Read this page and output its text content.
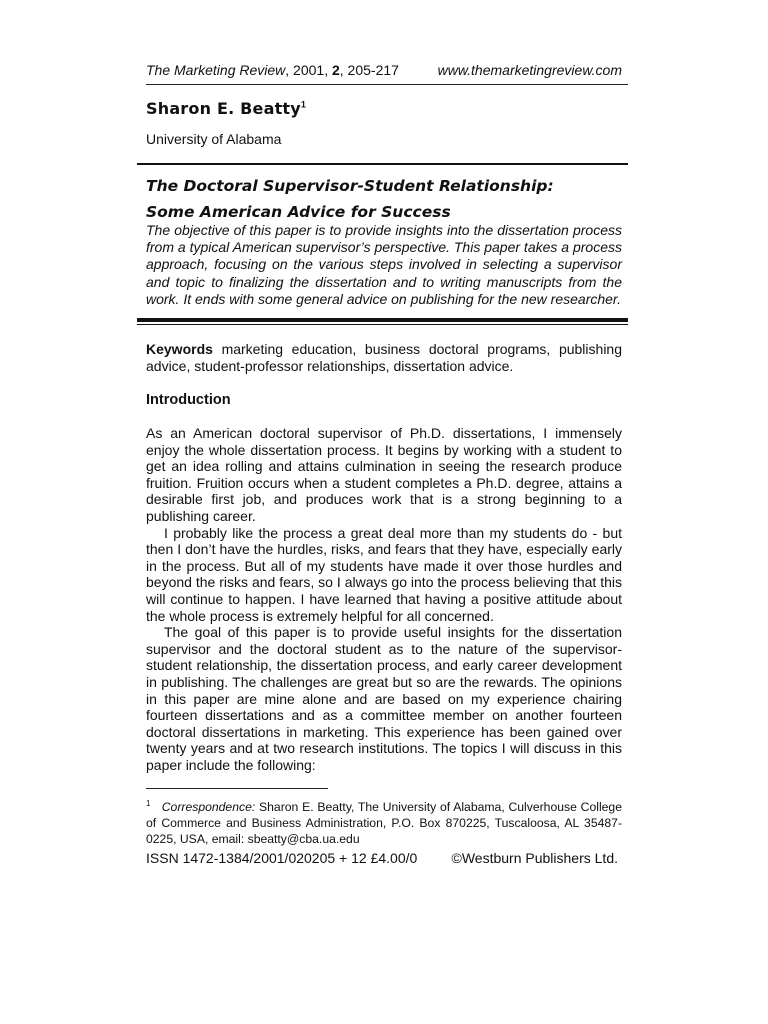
The Marketing Review, 2001, 2, 205-217	www.themarketingreview.com
Sharon E. Beatty$^1$
University of Alabama
The Doctoral Supervisor-Student Relationship:
Some American Advice for Success
The objective of this paper is to provide insights into the dissertation process from a typical American supervisor’s perspective. This paper takes a process approach, focusing on the various steps involved in selecting a supervisor and topic to finalizing the dissertation and to writing manuscripts from the work. It ends with some general advice on publishing for the new researcher.
Keywords marketing education, business doctoral programs, publishing advice, student-professor relationships, dissertation advice.
Introduction

As an American doctoral supervisor of Ph.D. dissertations, I immensely enjoy the whole dissertation process. It begins by working with a student to get an idea rolling and attains culmination in seeing the research produce fruition. Fruition occurs when a student completes a Ph.D. degree, attains a desirable first job, and produces work that is a strong beginning to a publishing career.

I probably like the process a great deal more than my students do - but then I don’t have the hurdles, risks, and fears that they have, especially early in the process. But all of my students have made it over those hurdles and beyond the risks and fears, so I always go into the process believing that this will continue to happen. I have learned that having a positive attitude about the whole process is extremely helpful for all concerned.

The goal of this paper is to provide useful insights for the dissertation supervisor and the doctoral student as to the nature of the supervisor-student relationship, the dissertation process, and early career development in publishing. The challenges are great but so are the rewards. The opinions in this paper are mine alone and are based on my experience chairing fourteen dissertations and as a committee member on another fourteen doctoral dissertations in marketing. This experience has been gained over twenty years and at two research institutions. The topics I will discuss in this paper include the following:

$^1$ Correspondence: Sharon E. Beatty, The University of Alabama, Culverhouse College of Commerce and Business Administration, P.O. Box 870225, Tuscaloosa, AL 35487-0225, USA, email: sbeatty@cba.ua.edu
ISSN 1472-1384/2001/020205 + 12 £4.00/0 ©Westburn Publishers Ltd.
